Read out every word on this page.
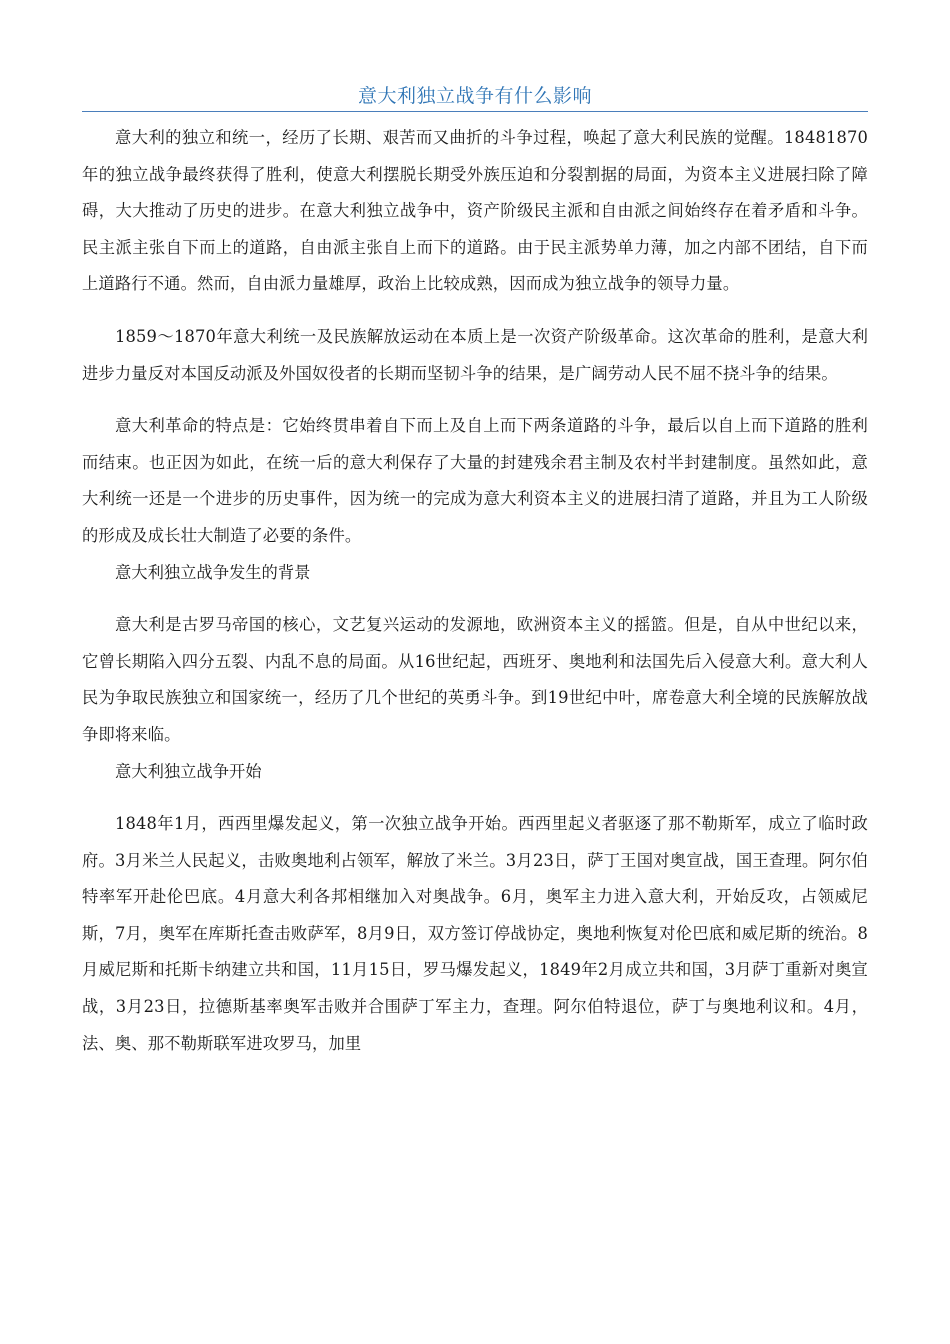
意大利独立战争有什么影响

意大利的独立和统一，经历了长期、艰苦而又曲折的斗争过程，唤起了意大利民族的觉醒。18481870年的独立战争最终获得了胜利，使意大利摆脱长期受外族压迫和分裂割据的局面，为资本主义进展扫除了障碍，大大推动了历史的进步。在意大利独立战争中，资产阶级民主派和自由派之间始终存在着矛盾和斗争。民主派主张自下而上的道路，自由派主张自上而下的道路。由于民主派势单力薄，加之内部不团结，自下而上道路行不通。然而，自由派力量雄厚，政治上比较成熟，因而成为独立战争的领导力量。

1859～1870年意大利统一及民族解放运动在本质上是一次资产阶级革命。这次革命的胜利，是意大利进步力量反对本国反动派及外国奴役者的长期而坚韧斗争的结果，是广阔劳动人民不屈不挠斗争的结果。

意大利革命的特点是：它始终贯串着自下而上及自上而下两条道路的斗争，最后以自上而下道路的胜利而结束。也正因为如此，在统一后的意大利保存了大量的封建残余君主制及农村半封建制度。虽然如此，意大利统一还是一个进步的历史事件，因为统一的完成为意大利资本主义的进展扫清了道路，并且为工人阶级的形成及成长壮大制造了必要的条件。

意大利独立战争发生的背景

意大利是古罗马帝国的核心，文艺复兴运动的发源地，欧洲资本主义的摇篮。但是，自从中世纪以来，它曾长期陷入四分五裂、内乱不息的局面。从16世纪起，西班牙、奥地利和法国先后入侵意大利。意大利人民为争取民族独立和国家统一，经历了几个世纪的英勇斗争。到19世纪中叶，席卷意大利全境的民族解放战争即将来临。

意大利独立战争开始

1848年1月，西西里爆发起义，第一次独立战争开始。西西里起义者驱逐了那不勒斯军，成立了临时政府。3月米兰人民起义，击败奥地利占领军，解放了米兰。3月23日，萨丁王国对奥宣战，国王查理。阿尔伯特率军开赴伦巴底。4月意大利各邦相继加入对奥战争。6月，奥军主力进入意大利，开始反攻，占领威尼斯，7月，奥军在库斯托查击败萨军，8月9日，双方签订停战协定，奥地利恢复对伦巴底和威尼斯的统治。8月威尼斯和托斯卡纳建立共和国，11月15日，罗马爆发起义，1849年2月成立共和国，3月萨丁重新对奥宣战，3月23日，拉德斯基率奥军击败并合围萨丁军主力，查理。阿尔伯特退位，萨丁与奥地利议和。4月，法、奥、那不勒斯联军进攻罗马，加里
